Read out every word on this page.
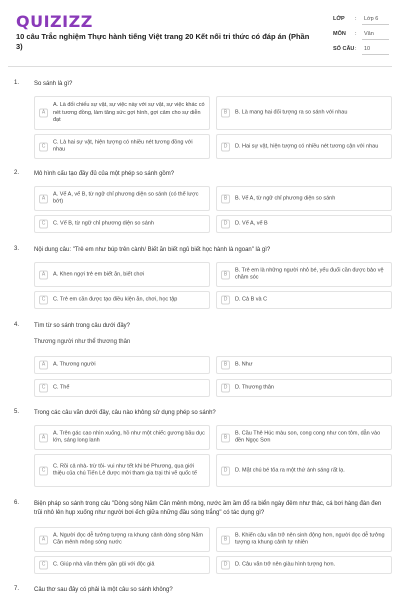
QUIZIZZ
10 câu Trắc nghiệm Thực hành tiếng Việt trang 20 Kết nối tri thức có đáp án (Phần 3)
LỚP : Lớp 6
MÔN : Văn
SỐ CÂU : 10
1. So sánh là gì?
A
A. Là đối chiếu sự vật, sự việc này với sự vật, sự việc khác có nét tương đồng, làm tăng sức gợi hình, gợi cảm cho sự diễn đạt
B	B. Là mang hai đối tượng ra so sánh với nhau
C
C. Là hai sự vật, hiện tượng có nhiều nét tương đồng với nhau
D	D. Hai sự vật, hiện tượng có nhiều nét tương cận với nhau
2. Mô hình cấu tạo đầy đủ của một phép so sánh gồm?
A
A. Vế A, vế B, từ ngữ chỉ phương diện so sánh (có thể lược bớt)
B	B. Vế A, từ ngữ chỉ phương diện so sánh
C	C. Vế B, từ ngữ chỉ phương diện so sánh	D	D. Vế A, vế B
3. Nội dung câu: "Trẻ em như búp trên cành/ Biết ăn biết ngủ biết học hành là ngoan" là gì?
A	A. Khen ngợi trẻ em biết ăn, biết chơi	B
B. Trẻ em là những người nhỏ bé, yếu đuối cần được bảo vệ chăm sóc
C	C. Trẻ em cần được tạo điều kiện ăn, chơi, học tập	D	D. Cả B và C
4. Tìm từ so sánh trong câu dưới đây?
Thương người như thể thương thân
A	A. Thương người	B	B. Như
C	C. Thể	D	D. Thương thân
5. Trong các câu văn dưới đây, câu nào không sử dụng phép so sánh?
A
A. Trên gác cao nhìn xuống, hồ như một chiếc gương bầu dục lớn, sáng long lanh
B
B. Cầu Thê Húc màu son, cong cong như con tôm, dẫn vào đền Ngọc Sơn
C
C. Rồi cả nhà- trừ tôi- vui như tết khi bé Phương, qua giới thiệu của chú Tiến Lê được mời tham gia trại thi vẽ quốc tế
D	D. Mặt chú bé tỏa ra một thứ ánh sáng rất lạ.
6. Biện pháp so sánh trong câu "Dòng sông Năm Căn mênh mông, nước ầm ầm đổ ra biển ngày đêm như thác, cá bơi hàng đàn đen trũi nhô lên hụp xuống như người bơi ếch giữa những đầu sóng trắng" có tác dụng gì?
A
A. Người đọc dễ tưởng tượng ra khung cảnh dòng sông Năm Căn mênh mông sóng nước
B
B. Khiến câu văn trở nên sinh động hơn, người đọc dễ tưởng tượng ra khung cảnh tự nhiên
C	C. Giúp nhà văn thêm gần gũi với độc giả	D	D. Câu văn trở nên giàu hình tượng hơn.
7. Câu thơ sau đây có phải là một câu so sánh không?
